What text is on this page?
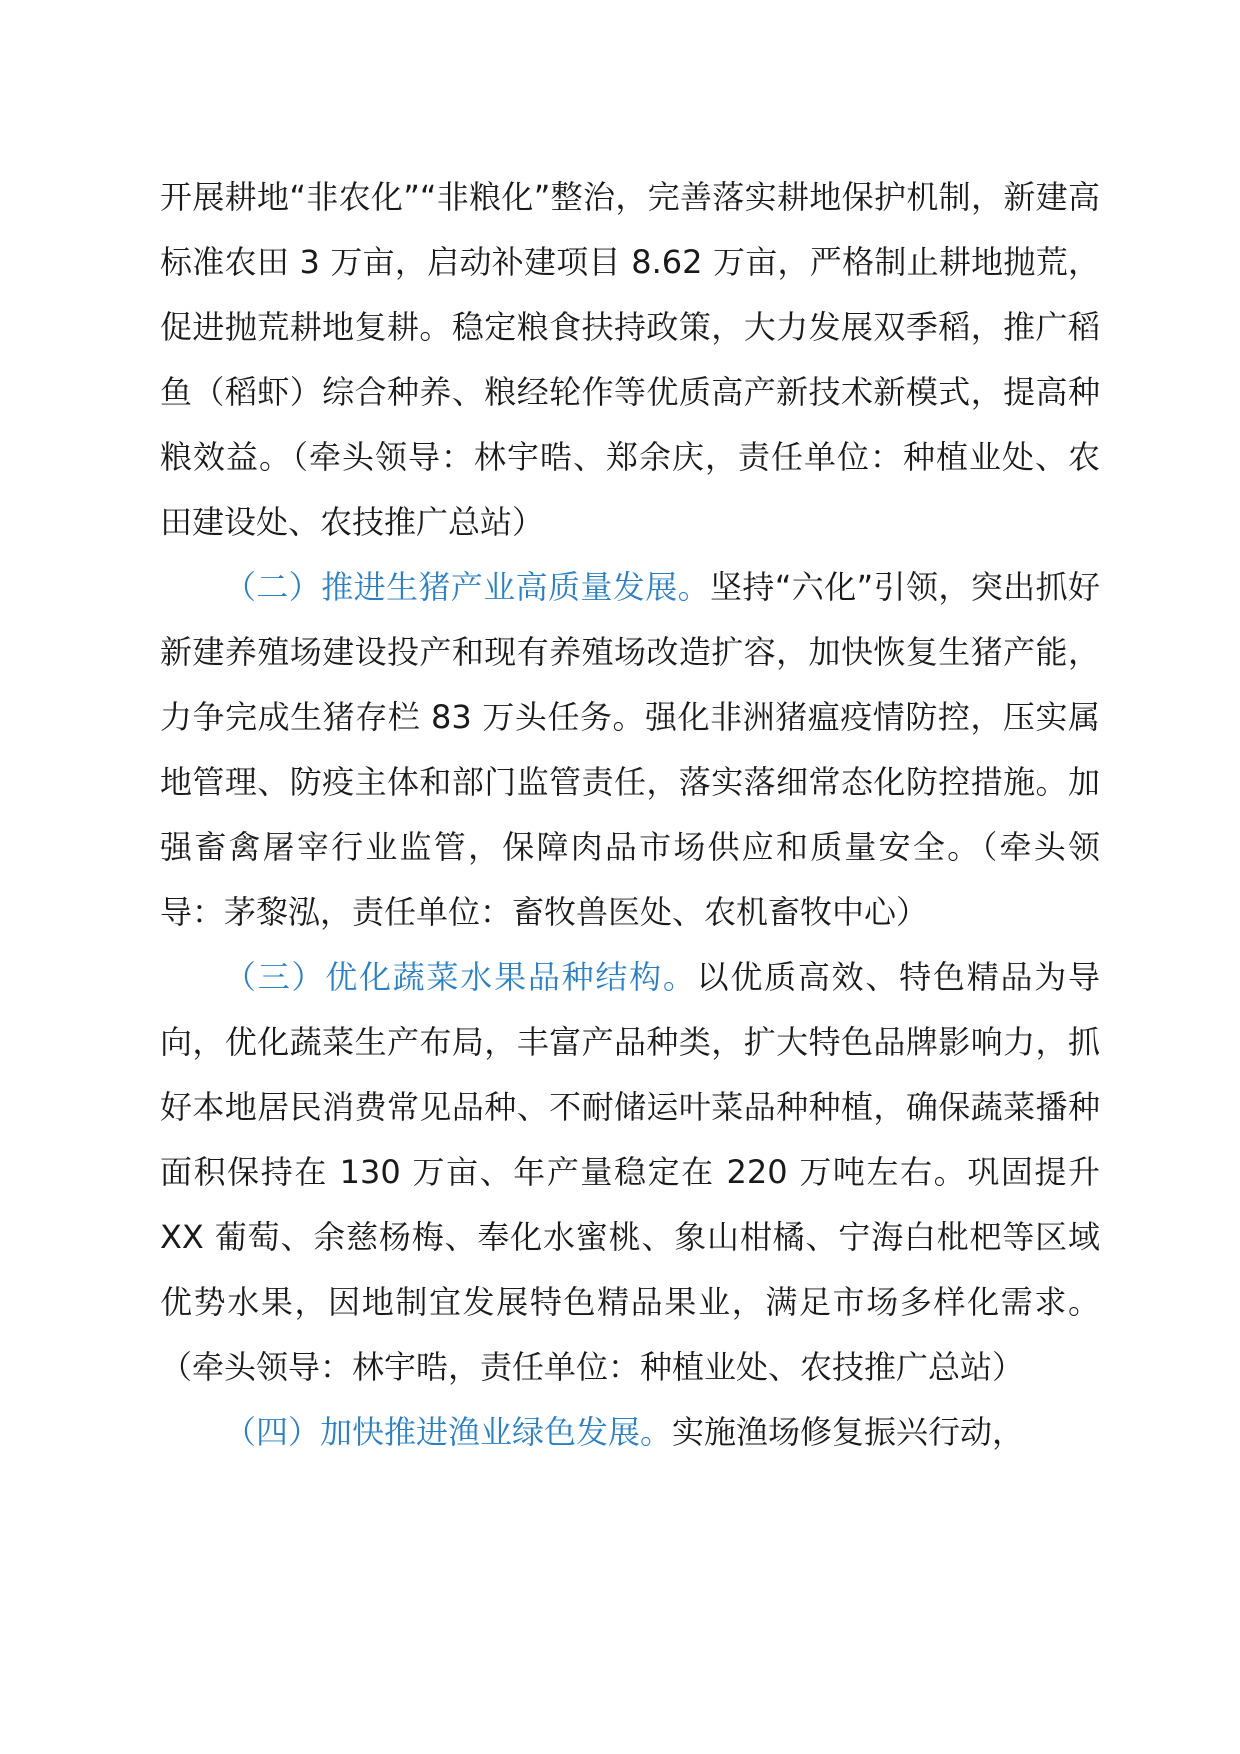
开展耕地“非农化”“非粮化”整治，完善落实耕地保护机制，新建高标准农田 3 万亩，启动补建项目 8.62 万亩，严格制止耕地抛荒，促进抛荒耕地复耕。稳定粮食扶持政策，大力发展双季稻，推广稻鱼（稻虾）综合种养、粮经轮作等优质高产新技术新模式，提高种粮效益。（牵头领导：林宇晧、郑余庆，责任单位：种植业处、农田建设处、农技推广总站）

（二）推进生猪产业高质量发展。坚持“六化”引领，突出抓好新建养殖场建设投产和现有养殖场改造扩容，加快恢复生猪产能，力争完成生猪存栏 83 万头任务。强化非洲猪瘟疫情防控，压实属地管理、防疫主体和部门监管责任，落实落细常态化防控措施。加强畜禽屠宰行业监管，保障肉品市场供应和质量安全。（牵头领导：茅黎泓，责任单位：畜牧兽医处、农机畜牧中心）

（三）优化蔬菜水果品种结构。以优质高效、特色精品为导向，优化蔬菜生产布局，丰富产品种类，扩大特色品牌影响力，抓好本地居民消费常见品种、不耐储运叶菜品种种植，确保蔬菜播种面积保持在 130 万亩、年产量稳定在 220 万吨左右。巩固提升 XX 葡萄、余慈杨梅、奉化水蜜桃、象山柑橘、宁海白枇杷等区域优势水果，因地制宜发展特色精品果业，满足市场多样化需求。（牵头领导：林宇晧，责任单位：种植业处、农技推广总站）

（四）加快推进渔业绿色发展。实施渔场修复振兴行动，
